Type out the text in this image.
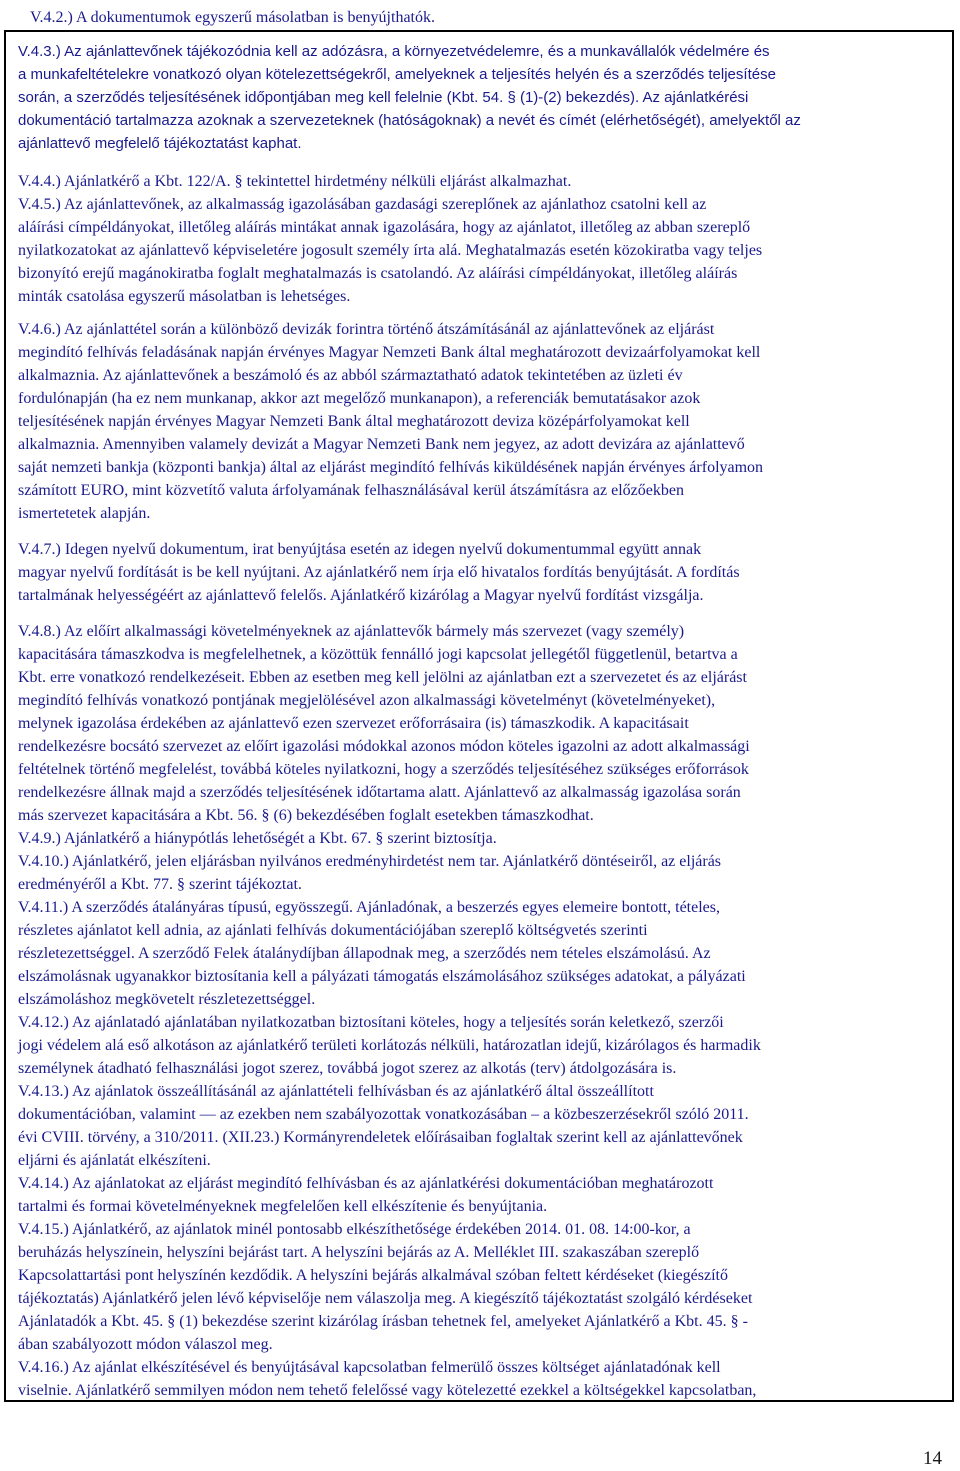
V.4.2.) A dokumentumok egyszerű másolatban is benyújthatók.

V.4.3.) Az ajánlattevőnek tájékozódnia kell az adózásra, a környezetvédelemre, és a munkavállalók védelmére és
a munkafeltételekre vonatkozó olyan kötelezettségekről, amelyeknek a teljesítés helyén és a szerződés teljesítése
során, a szerződés teljesítésének időpontjában meg kell felelnie (Kbt. 54. § (1)-(2) bekezdés). Az ajánlatkérési
dokumentáció tartalmazza azoknak a szervezeteknek (hatóságoknak) a nevét és címét (elérhetőségét), amelyektől az
ajánlattevő megfelelő tájékoztatást kaphat.

V.4.4.) Ajánlatkérő a Kbt. 122/A. § tekintettel hirdetmény nélküli eljárást alkalmazhat.

V.4.5.) Az ajánlattevőnek, az alkalmasság igazolásában gazdasági szereplőnek az ajánlathoz csatolni kell az
aláírási címpéldányokat, illetőleg aláírás mintákat annak igazolására, hogy az ajánlatot, illetőleg az abban szereplő
nyilatkozatokat az ajánlattevő képviseletére jogosult személy írta alá. Meghatalmazás esetén közokiratba vagy teljes
bizonyító erejű magánokiratba foglalt meghatalmazás is csatolandó. Az aláírási címpéldányokat, illetőleg aláírás
minták csatolása egyszerű másolatban is lehetséges.

V.4.6.) Az ajánlattétel során a különböző devizák forintra történő átszámításánál az ajánlattevőnek az eljárást
megindító felhívás feladásának napján érvényes Magyar Nemzeti Bank által meghatározott devizaárfolyamokat kell
alkalmaznia. Az ajánlattevőnek a beszámoló és az abból származtatható adatok tekintetében az üzleti év
fordulónapján (ha ez nem munkanap, akkor azt megelőző munkanapon), a referenciák bemutatásakor azok
teljesítésének napján érvényes Magyar Nemzeti Bank által meghatározott deviza középárfolyamokat kell
alkalmaznia. Amennyiben valamely devizát a Magyar Nemzeti Bank nem jegyez, az adott devizára az ajánlattevő
saját nemzeti bankja (központi bankja) által az eljárást megindító felhívás kiküldésének napján érvényes árfolyamon
számított EURO, mint közvetítő valuta árfolyamának felhasználásával kerül átszámításra az előzőekben
ismertetetek alapján.

V.4.7.) Idegen nyelvű dokumentum, irat benyújtása esetén az idegen nyelvű dokumentummal együtt annak
magyar nyelvű fordítását is be kell nyújtani. Az ajánlatkérő nem írja elő hivatalos fordítás benyújtását. A fordítás
tartalmának helyességéért az ajánlattevő felelős. Ajánlatkérő kizárólag a Magyar nyelvű fordítást vizsgálja.

V.4.8.) Az előírt alkalmassági követelményeknek az ajánlattevők bármely más szervezet (vagy személy)
kapacitására támaszkodva is megfelelhetnek, a közöttük fennálló jogi kapcsolat jellegétől függetlenül, betartva a
Kbt. erre vonatkozó rendelkezéseit. Ebben az esetben meg kell jelölni az ajánlatban ezt a szervezetet és az eljárást
megindító felhívás vonatkozó pontjának megjelölésével azon alkalmassági követelményt (követelményeket),
melynek igazolása érdekében az ajánlattevő ezen szervezet erőforrásaira (is) támaszkodik. A kapacitásait
rendelkezésre bocsátó szervezet az előírt igazolási módokkal azonos módon köteles igazolni az adott alkalmassági
feltételnek történő megfelelést, továbbá köteles nyilatkozni, hogy a szerződés teljesítéséhez szükséges erőforrások
rendelkezésre állnak majd a szerződés teljesítésének időtartama alatt. Ajánlattevő az alkalmasság igazolása során
más szervezet kapacitására a Kbt. 56. § (6) bekezdésében foglalt esetekben támaszkodhat.

V.4.9.) Ajánlatkérő a hiánypótlás lehetőségét a Kbt. 67. § szerint biztosítja.

V.4.10.) Ajánlatkérő, jelen eljárásban nyilvános eredményhirdetést nem tar. Ajánlatkérő döntéseiről, az eljárás
eredményéről a Kbt. 77. § szerint tájékoztat.

V.4.11.) A szerződés átalányáras típusú, egyösszegű. Ajánladónak, a beszerzés egyes elemeire bontott, tételes,
részletes ajánlatot kell adnia, az ajánlati felhívás dokumentációjában szereplő költségvetés szerinti
részletezettséggel. A szerződő Felek átalánydíjban állapodnak meg, a szerződés nem tételes elszámolású. Az
elszámolásnak ugyanakkor biztosítania kell a pályázati támogatás elszámolásához szükséges adatokat, a pályázati
elszámoláshoz megkövetelt részletezettséggel.

V.4.12.) Az ajánlatadó ajánlatában nyilatkozatban biztosítani köteles, hogy a teljesítés során keletkező, szerzői
jogi védelem alá eső alkotáson az ajánlatkérő területi korlátozás nélküli, határozatlan idejű, kizárólagos és harmadik
személynek átadható felhasználási jogot szerez, továbbá jogot szerez az alkotás (terv) átdolgozására is.

V.4.13.) Az ajánlatok összeállításánál az ajánlattételi felhívásban és az ajánlatkérő által összeállított
dokumentációban, valamint — az ezekben nem szabályozottak vonatkozásában – a közbeszerzésekről szóló 2011.
évi CVIII. törvény, a 310/2011. (XII.23.) Kormányrendeletek előírásaiban foglaltak szerint kell az ajánlattevőnek
eljárni és ajánlatát elkészíteni.

V.4.14.) Az ajánlatokat az eljárást megindító felhívásban és az ajánlatkérési dokumentációban meghatározott
tartalmi és formai követelményeknek megfelelően kell elkészítenie és benyújtania.

V.4.15.) Ajánlatkérő, az ajánlatok minél pontosabb elkészíthetősége érdekében 2014. 01. 08. 14:00-kor, a
beruházás helyszínein, helyszíni bejárást tart. A helyszíni bejárás az A. Melléklet III. szakaszában szereplő
Kapcsolattartási pont helyszínén kezdődik. A helyszíni bejárás alkalmával szóban feltett kérdéseket (kiegészítő
tájékoztatás) Ajánlatkérő jelen lévő képviselője nem válaszolja meg. A kiegészítő tájékoztatást szolgáló kérdéseket
Ajánlatadók a Kbt. 45. § (1) bekezdése szerint kizárólag írásban tehetnek fel, amelyeket Ajánlatkérő a Kbt. 45. § -
ában szabályozott módon válaszol meg.

V.4.16.) Az ajánlat elkészítésével és benyújtásával kapcsolatban felmerülő összes költséget ajánlatadónak kell
viselnie. Ajánlatkérő semmilyen módon nem tehető felelőssé vagy kötelezetté ezekkel a költségekkel kapcsolatban,

14
